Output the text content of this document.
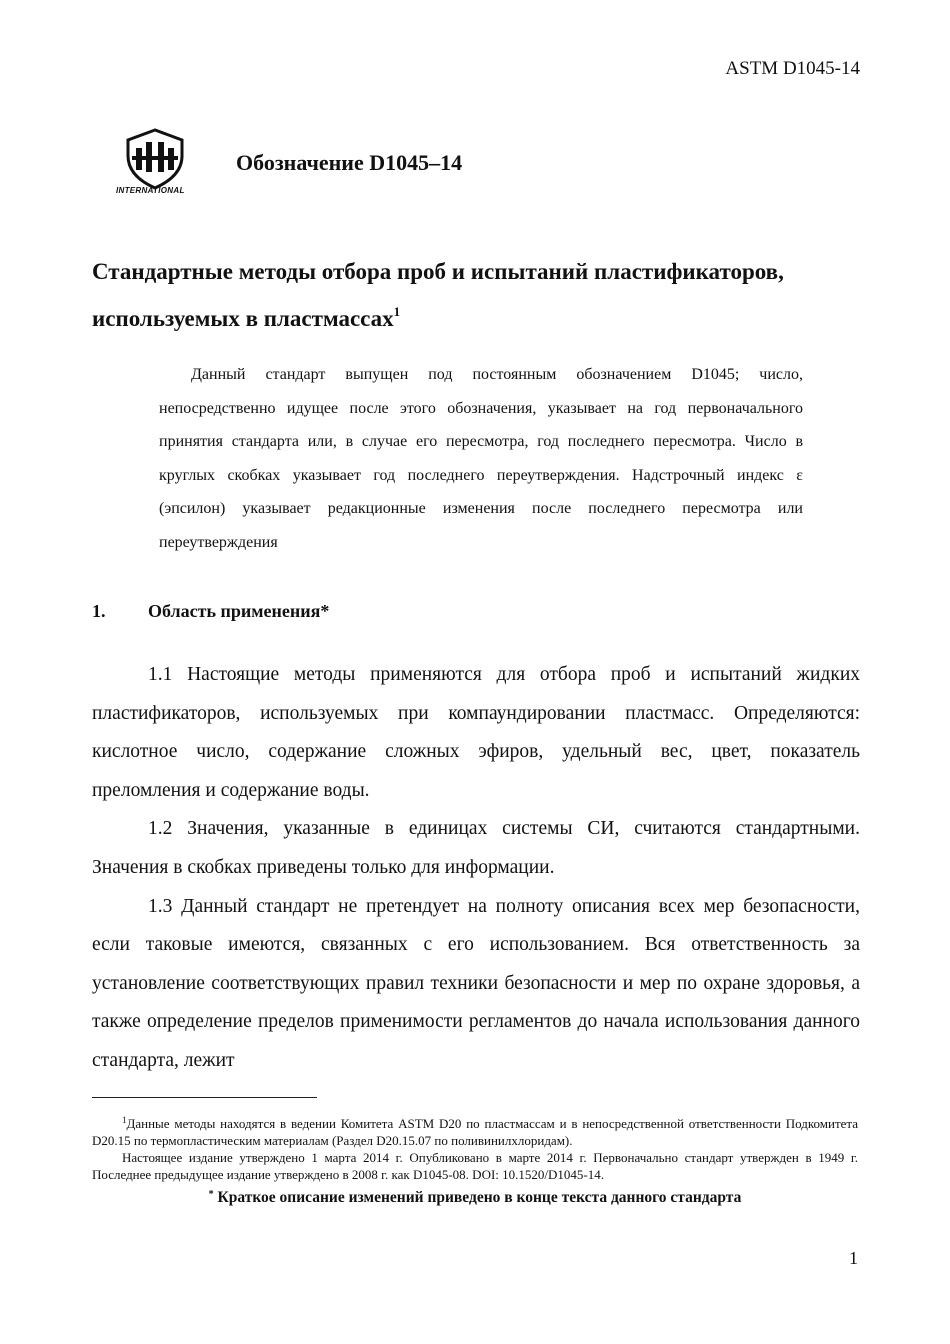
ASTM D1045-14
INTERNATIONAL
Обозначение D1045–14
Стандартные методы отбора проб и испытаний пластификаторов, используемых в пластмассах$^1$
Данный стандарт выпущен под постоянным обозначением D1045; число, непосредственно идущее после этого обозначения, указывает на год первоначального принятия стандарта или, в случае его пересмотра, год последнего пересмотра. Число в круглых скобках указывает год последнего переутверждения. Надстрочный индекс ε (эпсилон) указывает редакционные изменения после последнего пересмотра или переутверждения
1. Область применения*

1.1 Настоящие методы применяются для отбора проб и испытаний жидких пластификаторов, используемых при компаундировании пластмасс. Определяются: кислотное число, содержание сложных эфиров, удельный вес, цвет, показатель преломления и содержание воды.

1.2 Значения, указанные в единицах системы СИ, считаются стандартными. Значения в скобках приведены только для информации.

1.3 Данный стандарт не претендует на полноту описания всех мер безопасности, если таковые имеются, связанных с его использованием. Вся ответственность за установление соответствующих правил техники безопасности и мер по охране здоровья, а также определение пределов применимости регламентов до начала использования данного стандарта, лежит

$^1$Данные методы находятся в ведении Комитета ASTM D20 по пластмассам и в непосредственной ответственности Подкомитета D20.15 по термопластическим материалам (Раздел D20.15.07 по поливинилхлоридам).

Настоящее издание утверждено 1 марта 2014 г. Опубликовано в марте 2014 г. Первоначально стандарт утвержден в 1949 г. Последнее предыдущее издание утверждено в 2008 г. как D1045-08. DOI: 10.1520/D1045-14.

* Краткое описание изменений приведено в конце текста данного стандарта

1
